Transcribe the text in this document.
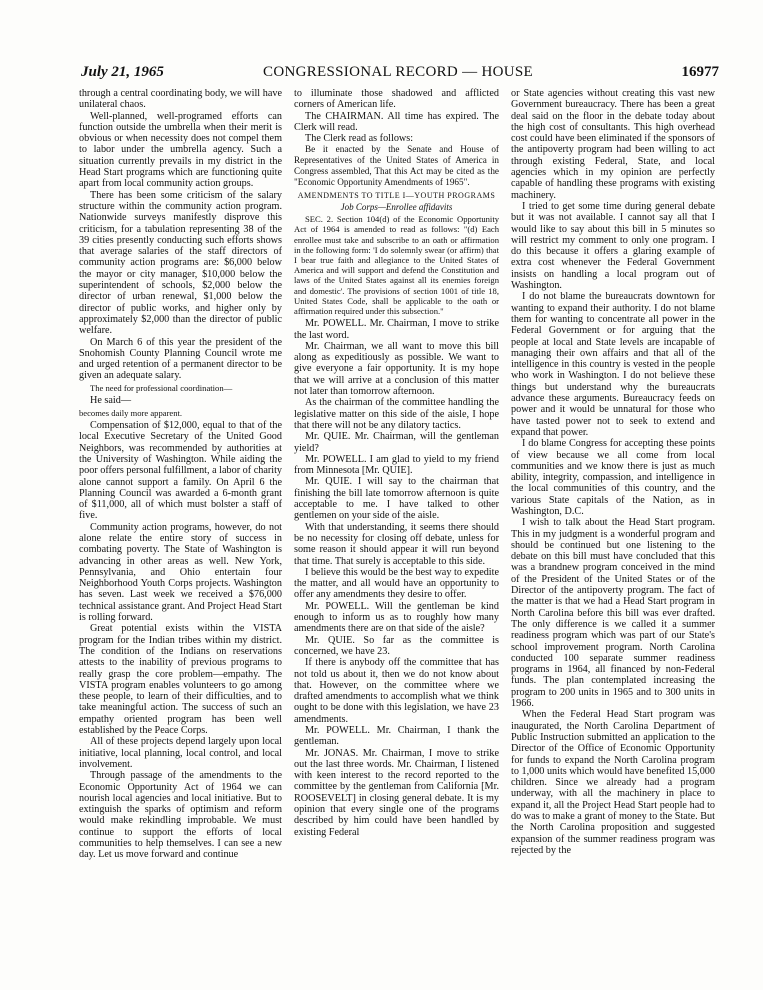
CONGRESSIONAL RECORD — HOUSE
July 21, 1965	16977

through a central coordinating body, we will have unilateral chaos.

Well-planned, well-programed efforts can function outside the umbrella when their merit is obvious or when necessity does not compel them to labor under the umbrella agency. Such a situation currently prevails in my district in the Head Start programs which are functioning quite apart from local community action groups.

There has been some criticism of the salary structure within the community action program. Nationwide surveys manifestly disprove this criticism, for a tabulation representing 38 of the 39 cities presently conducting such efforts shows that average salaries of the staff directors of community action programs are: $6,000 below the mayor or city manager, $10,000 below the superintendent of schools, $2,000 below the director of urban renewal, $1,000 below the director of public works, and higher only by approximately $2,000 than the director of public welfare.

On March 6 of this year the president of the Snohomish County Planning Council wrote me and urged retention of a permanent director to be given an adequate salary.

The need for professional coordination—

He said—

becomes daily more apparent.

Compensation of $12,000, equal to that of the local Executive Secretary of the United Good Neighbors, was recommended by authorities at the University of Washington. While aiding the poor offers personal fulfillment, a labor of charity alone cannot support a family. On April 6 the Planning Council was awarded a 6-month grant of $11,000, all of which must bolster a staff of five.

Community action programs, however, do not alone relate the entire story of success in combating poverty. The State of Washington is advancing in other areas as well. New York, Pennsylvania, and Ohio entertain four Neighborhood Youth Corps projects. Washington has seven. Last week we received a $76,000 technical assistance grant. And Project Head Start is rolling forward.

Great potential exists within the VISTA program for the Indian tribes within my district. The condition of the Indians on reservations attests to the inability of previous programs to really grasp the core problem—empathy. The VISTA program enables volunteers to go among these people, to learn of their difficulties, and to take meaningful action. The success of such an empathy oriented program has been well established by the Peace Corps.

All of these projects depend largely upon local initiative, local planning, local control, and local involvement.

Through passage of the amendments to the Economic Opportunity Act of 1964 we can nourish local agencies and local initiative. But to extinguish the sparks of optimism and reform would make rekindling improbable. We must continue to support the efforts of local communities to help themselves. I can see a new day. Let us move forward and continue

to illuminate those shadowed and afflicted corners of American life.

The CHAIRMAN. All time has expired. The Clerk will read.

The Clerk read as follows:

Be it enacted by the Senate and House of Representatives of the United States of America in Congress assembled, That this Act may be cited as the "Economic Opportunity Amendments of 1965".

AMENDMENTS TO TITLE I—YOUTH PROGRAMS

Job Corps—Enrollee affidavits

SEC. 2. Section 104(d) of the Economic Opportunity Act of 1964 is amended to read as follows: "(d) Each enrollee must take and subscribe to an oath or affirmation in the following form: 'I do solemnly swear (or affirm) that I bear true faith and allegiance to the United States of America and will support and defend the Constitution and laws of the United States against all its enemies foreign and domestic'. The provisions of section 1001 of title 18, United States Code, shall be applicable to the oath or affirmation required under this subsection."

Mr. POWELL. Mr. Chairman, I move to strike the last word.

Mr. Chairman, we all want to move this bill along as expeditiously as possible. We want to give everyone a fair opportunity. It is my hope that we will arrive at a conclusion of this matter not later than tomorrow afternoon.

As the chairman of the committee handling the legislative matter on this side of the aisle, I hope that there will not be any dilatory tactics.

Mr. QUIE. Mr. Chairman, will the gentleman yield?

Mr. POWELL. I am glad to yield to my friend from Minnesota [Mr. QUIE].

Mr. QUIE. I will say to the chairman that finishing the bill late tomorrow afternoon is quite acceptable to me. I have talked to other gentlemen on your side of the aisle.

With that understanding, it seems there should be no necessity for closing off debate, unless for some reason it should appear it will run beyond that time. That surely is acceptable to this side.

I believe this would be the best way to expedite the matter, and all would have an opportunity to offer any amendments they desire to offer.

Mr. POWELL. Will the gentleman be kind enough to inform us as to roughly how many amendments there are on that side of the aisle?

Mr. QUIE. So far as the committee is concerned, we have 23.

If there is anybody off the committee that has not told us about it, then we do not know about that. However, on the committee where we drafted amendments to accomplish what we think ought to be done with this legislation, we have 23 amendments.

Mr. POWELL. Mr. Chairman, I thank the gentleman.

Mr. JONAS. Mr. Chairman, I move to strike out the last three words. Mr. Chairman, I listened with keen interest to the record reported to the committee by the gentleman from California [Mr. ROOSEVELT] in closing general debate. It is my opinion that every single one of the programs described by him could have been handled by existing Federal

or State agencies without creating this vast new Government bureaucracy. There has been a great deal said on the floor in the debate today about the high cost of consultants. This high overhead cost could have been eliminated if the sponsors of the antipoverty program had been willing to act through existing Federal, State, and local agencies which in my opinion are perfectly capable of handling these programs with existing machinery.

I tried to get some time during general debate but it was not available. I cannot say all that I would like to say about this bill in 5 minutes so will restrict my comment to only one program. I do this because it offers a glaring example of extra cost whenever the Federal Government insists on handling a local program out of Washington.

I do not blame the bureaucrats downtown for wanting to expand their authority. I do not blame them for wanting to concentrate all power in the Federal Government or for arguing that the people at local and State levels are incapable of managing their own affairs and that all of the intelligence in this country is vested in the people who work in Washington. I do not believe these things but understand why the bureaucrats advance these arguments. Bureaucracy feeds on power and it would be unnatural for those who have tasted power not to seek to extend and expand that power.

I do blame Congress for accepting these points of view because we all come from local communities and we know there is just as much ability, integrity, compassion, and intelligence in the local communities of this country, and the various State capitals of the Nation, as in Washington, D.C.

I wish to talk about the Head Start program. This in my judgment is a wonderful program and should be continued but one listening to the debate on this bill must have concluded that this was a brandnew program conceived in the mind of the President of the United States or of the Director of the antipoverty program. The fact of the matter is that we had a Head Start program in North Carolina before this bill was ever drafted. The only difference is we called it a summer readiness program which was part of our State's school improvement program. North Carolina conducted 100 separate summer readiness programs in 1964, all financed by non-Federal funds. The plan contemplated increasing the program to 200 units in 1965 and to 300 units in 1966.

When the Federal Head Start program was inaugurated, the North Carolina Department of Public Instruction submitted an application to the Director of the Office of Economic Opportunity for funds to expand the North Carolina program to 1,000 units which would have benefited 15,000 children. Since we already had a program underway, with all the machinery in place to expand it, all the Project Head Start people had to do was to make a grant of money to the State. But the North Carolina proposition and suggested expansion of the summer readiness program was rejected by the
